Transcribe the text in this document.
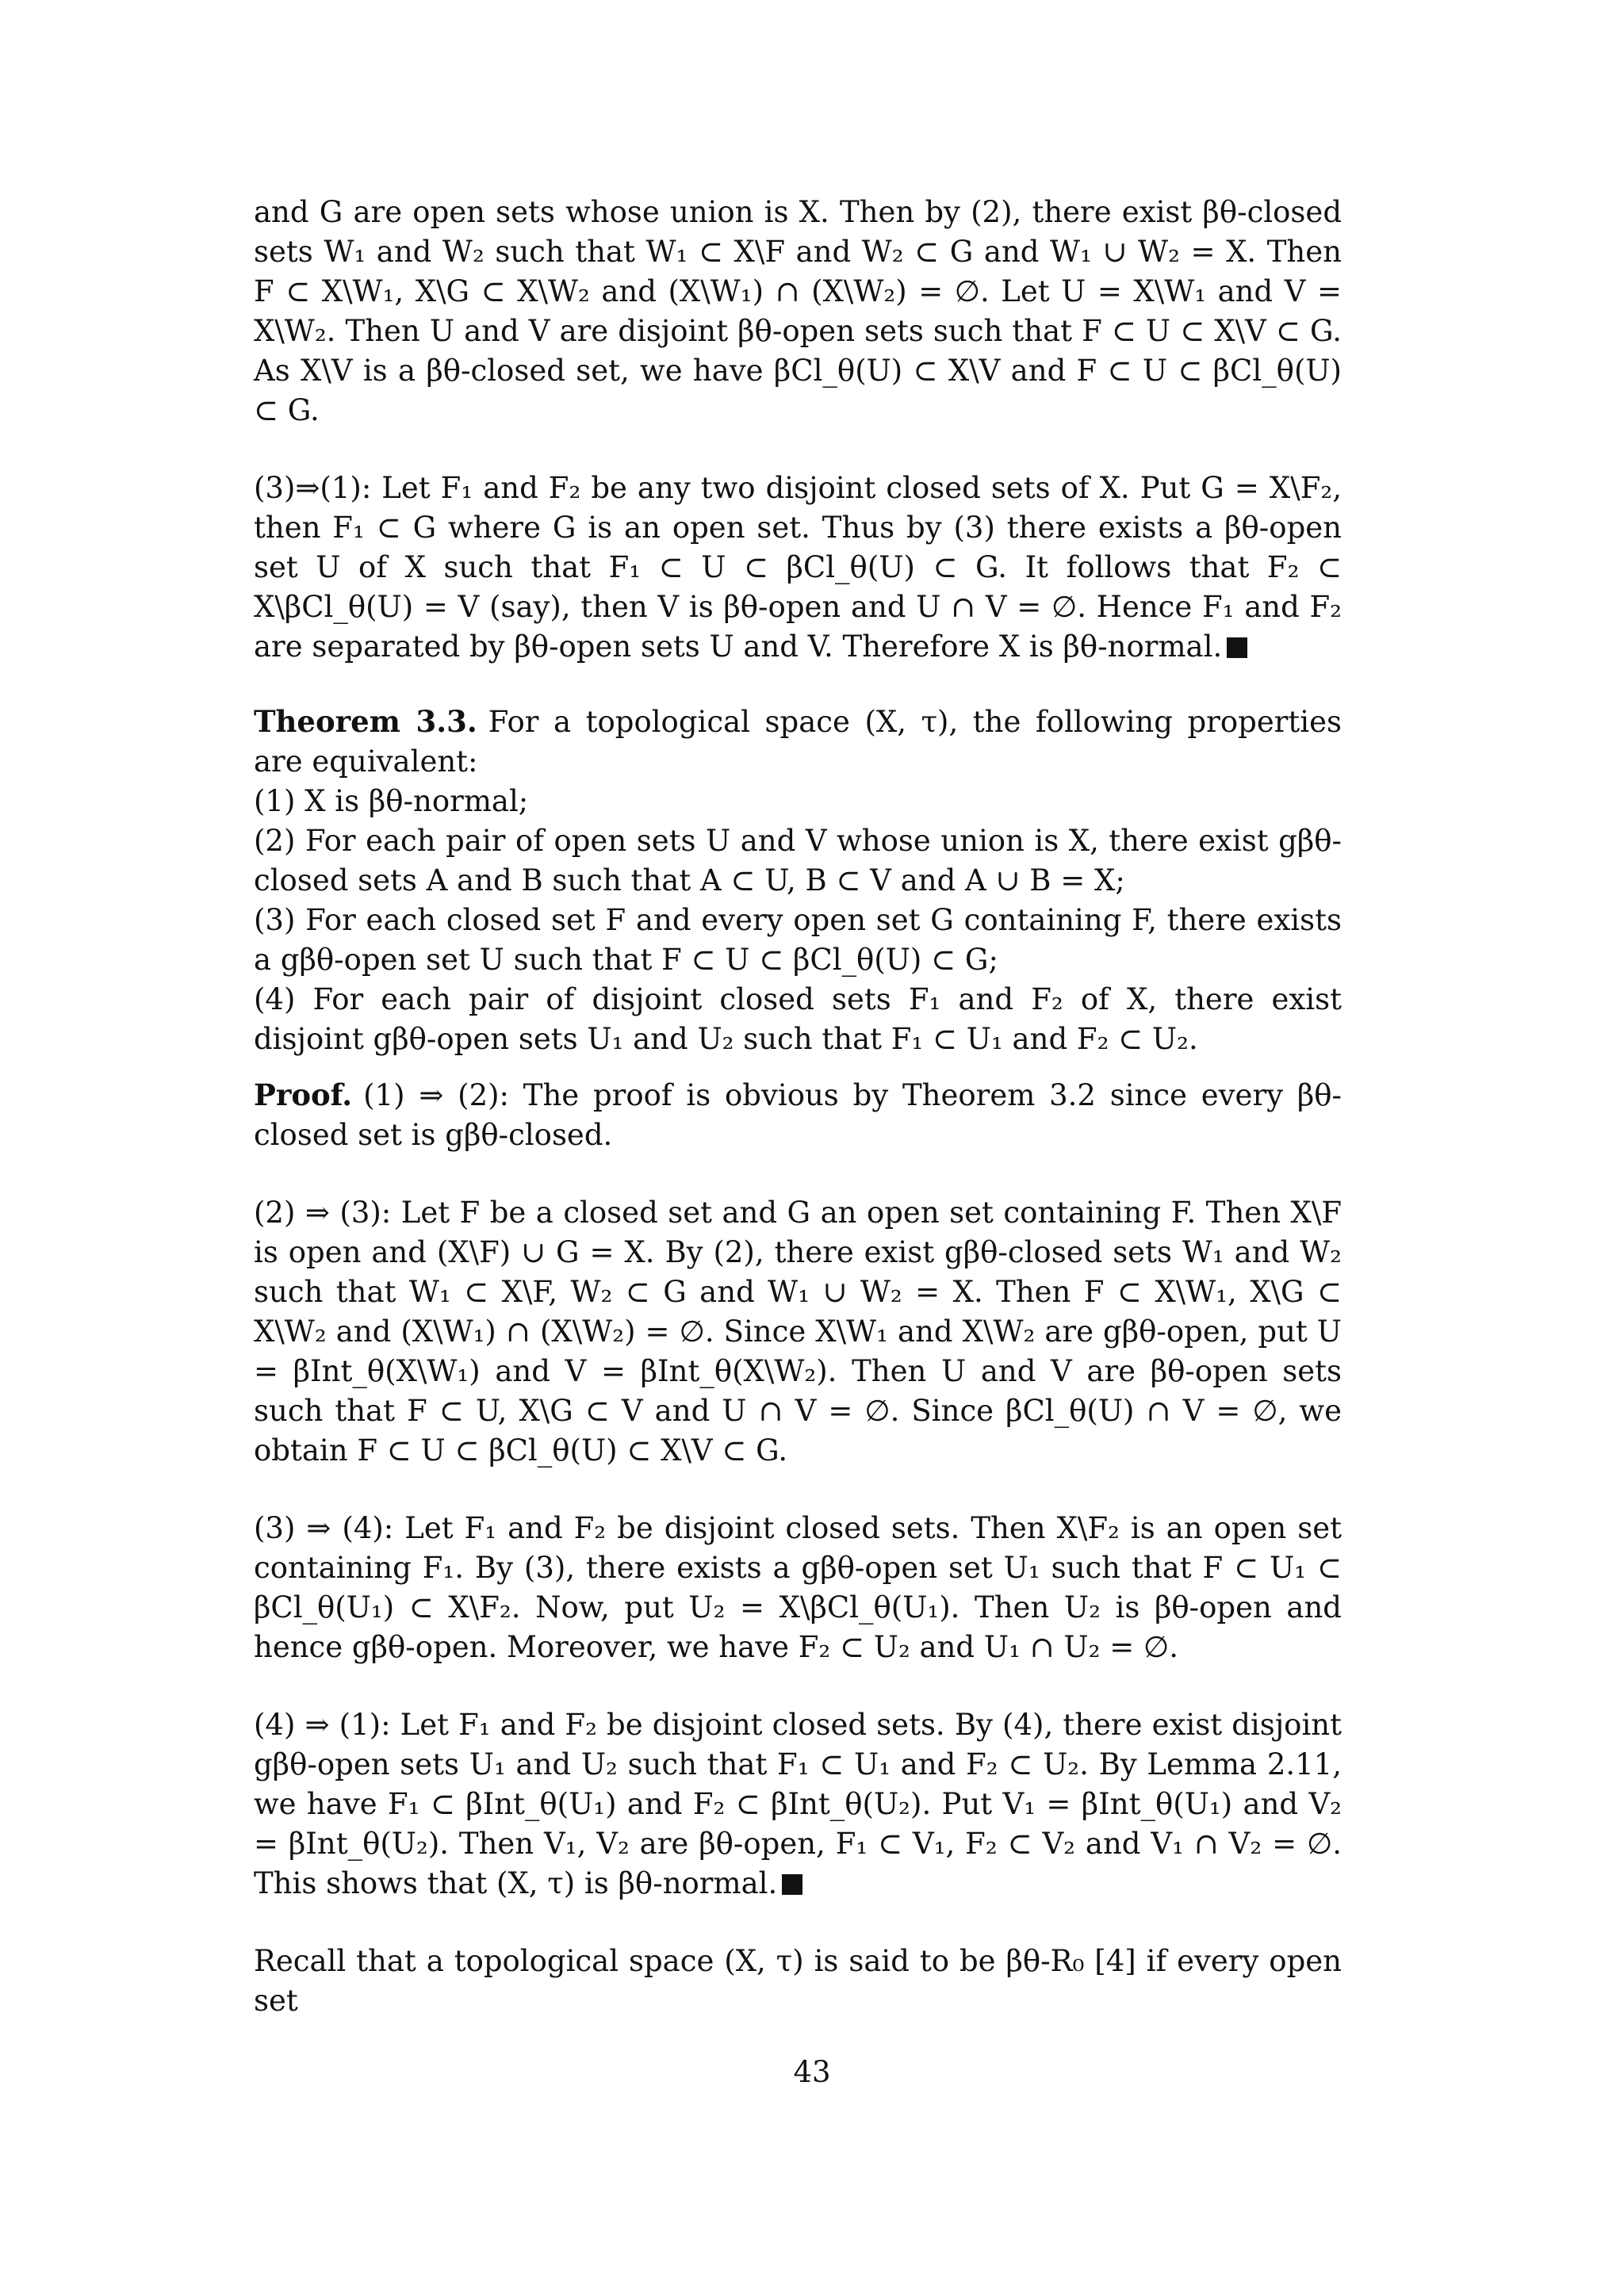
and G are open sets whose union is X. Then by (2), there exist βθ-closed sets W₁ and W₂ such that W₁ ⊂ X\F and W₂ ⊂ G and W₁ ∪ W₂ = X. Then F ⊂ X\W₁, X\G ⊂ X\W₂ and (X\W₁) ∩ (X\W₂) = ∅. Let U = X\W₁ and V = X\W₂. Then U and V are disjoint βθ-open sets such that F ⊂ U ⊂ X\V ⊂ G. As X\V is a βθ-closed set, we have βCl_θ(U) ⊂ X\V and F ⊂ U ⊂ βCl_θ(U) ⊂ G.

(3)⇒(1): Let F₁ and F₂ be any two disjoint closed sets of X. Put G = X\F₂, then F₁ ⊂ G where G is an open set. Thus by (3) there exists a βθ-open set U of X such that F₁ ⊂ U ⊂ βCl_θ(U) ⊂ G. It follows that F₂ ⊂ X\βCl_θ(U) = V (say), then V is βθ-open and U ∩ V = ∅. Hence F₁ and F₂ are separated by βθ-open sets U and V. Therefore X is βθ-normal.

Theorem 3.3. For a topological space (X, τ), the following properties are equivalent:

(1) X is βθ-normal;

(2) For each pair of open sets U and V whose union is X, there exist gβθ-closed sets A and B such that A ⊂ U, B ⊂ V and A ∪ B = X;

(3) For each closed set F and every open set G containing F, there exists a gβθ-open set U such that F ⊂ U ⊂ βCl_θ(U) ⊂ G;

(4) For each pair of disjoint closed sets F₁ and F₂ of X, there exist disjoint gβθ-open sets U₁ and U₂ such that F₁ ⊂ U₁ and F₂ ⊂ U₂.

Proof. (1) ⇒ (2): The proof is obvious by Theorem 3.2 since every βθ-closed set is gβθ-closed.

(2) ⇒ (3): Let F be a closed set and G an open set containing F. Then X\F is open and (X\F) ∪ G = X. By (2), there exist gβθ-closed sets W₁ and W₂ such that W₁ ⊂ X\F, W₂ ⊂ G and W₁ ∪ W₂ = X. Then F ⊂ X\W₁, X\G ⊂ X\W₂ and (X\W₁) ∩ (X\W₂) = ∅. Since X\W₁ and X\W₂ are gβθ-open, put U = βInt_θ(X\W₁) and V = βInt_θ(X\W₂). Then U and V are βθ-open sets such that F ⊂ U, X\G ⊂ V and U ∩ V = ∅. Since βCl_θ(U) ∩ V = ∅, we obtain F ⊂ U ⊂ βCl_θ(U) ⊂ X\V ⊂ G.

(3) ⇒ (4): Let F₁ and F₂ be disjoint closed sets. Then X\F₂ is an open set containing F₁. By (3), there exists a gβθ-open set U₁ such that F ⊂ U₁ ⊂ βCl_θ(U₁) ⊂ X\F₂. Now, put U₂ = X\βCl_θ(U₁). Then U₂ is βθ-open and hence gβθ-open. Moreover, we have F₂ ⊂ U₂ and U₁ ∩ U₂ = ∅.

(4) ⇒ (1): Let F₁ and F₂ be disjoint closed sets. By (4), there exist disjoint gβθ-open sets U₁ and U₂ such that F₁ ⊂ U₁ and F₂ ⊂ U₂. By Lemma 2.11, we have F₁ ⊂ βInt_θ(U₁) and F₂ ⊂ βInt_θ(U₂). Put V₁ = βInt_θ(U₁) and V₂ = βInt_θ(U₂). Then V₁, V₂ are βθ-open, F₁ ⊂ V₁, F₂ ⊂ V₂ and V₁ ∩ V₂ = ∅. This shows that (X, τ) is βθ-normal.

Recall that a topological space (X, τ) is said to be βθ-R₀ [4] if every open set

43
